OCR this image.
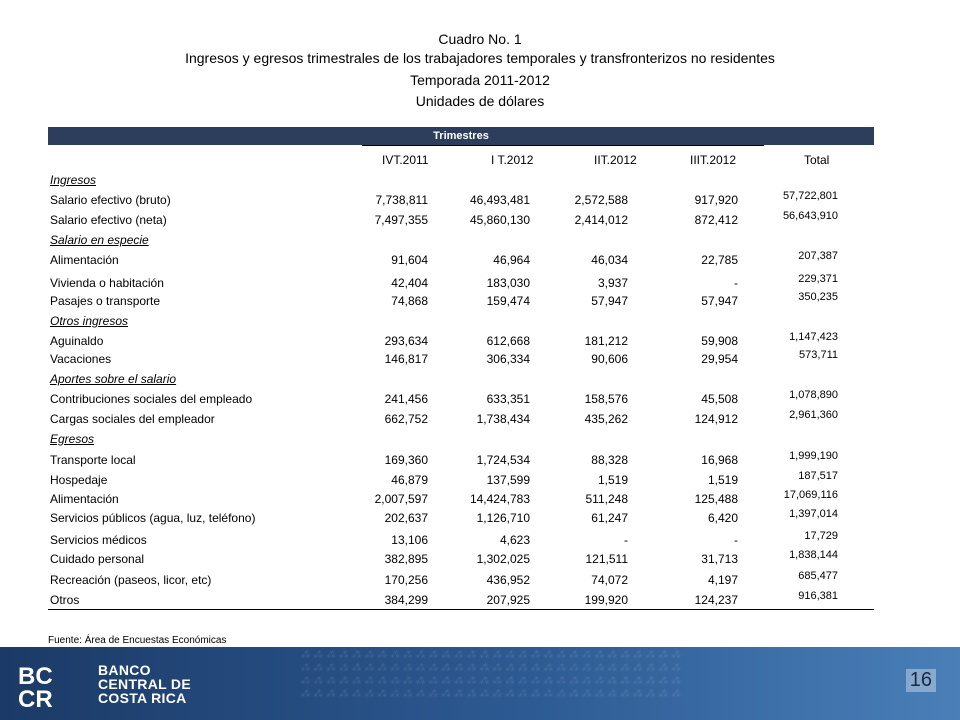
Cuadro No. 1
Ingresos y egresos trimestrales de los trabajadores temporales y transfronterizos no residentes
Temporada 2011-2012
Unidades de dólares
Trimestres
IVT.2011	I T.2012	IIT.2012	IIIT.2012	Total
Ingresos
Salario efectivo (bruto)	7,738,811	46,493,481	2,572,588	917,920	57,722,801
Salario efectivo (neta)	7,497,355	45,860,130	2,414,012	872,412	56,643,910
Salario en especie
Alimentación	91,604	46,964	46,034	22,785	207,387
Vivienda o habitación	42,404	183,030	3,937	-	229,371
Pasajes o transporte	74,868	159,474	57,947	57,947	350,235
Otros ingresos
Aguinaldo	293,634	612,668	181,212	59,908	1,147,423
Vacaciones	146,817	306,334	90,606	29,954	573,711
Aportes sobre el salario
Contribuciones sociales del empleado	241,456	633,351	158,576	45,508	1,078,890
Cargas sociales del empleador	662,752	1,738,434	435,262	124,912	2,961,360
Egresos
Transporte local	169,360	1,724,534	88,328	16,968	1,999,190
Hospedaje	46,879	137,599	1,519	1,519	187,517
Alimentación	2,007,597	14,424,783	511,248	125,488	17,069,116
Servicios públicos (agua, luz, teléfono)	202,637	1,126,710	61,247	6,420	1,397,014
Servicios médicos	13,106	4,623	-	-	17,729
Cuidado personal	382,895	1,302,025	121,511	31,713	1,838,144
Recreación (paseos, licor, etc)	170,256	436,952	74,072	4,197	685,477
Otros	384,299	207,925	199,920	124,237	916,381
Fuente: Área de Encuestas Económicas
⁂ ⁂ ⁂ ⁂ ⁂ ⁂ ⁂ ⁂ ⁂ ⁂ ⁂ ⁂ ⁂ ⁂ ⁂ ⁂ ⁂ ⁂ ⁂ ⁂ ⁂ ⁂ ⁂ ⁂ ⁂ ⁂ ⁂ ⁂ ⁂ ⁂
⁂ ⁂ ⁂ ⁂ ⁂ ⁂ ⁂ ⁂ ⁂ ⁂ ⁂ ⁂ ⁂ ⁂ ⁂ ⁂ ⁂ ⁂ ⁂ ⁂ ⁂ ⁂ ⁂ ⁂ ⁂ ⁂ ⁂ ⁂ ⁂ ⁂
⁂ ⁂ ⁂ ⁂ ⁂ ⁂ ⁂ ⁂ ⁂ ⁂ ⁂ ⁂ ⁂ ⁂ ⁂ ⁂ ⁂ ⁂ ⁂ ⁂ ⁂ ⁂ ⁂ ⁂ ⁂ ⁂ ⁂ ⁂ ⁂ ⁂
⁂ ⁂ ⁂ ⁂ ⁂ ⁂ ⁂ ⁂ ⁂ ⁂ ⁂ ⁂ ⁂ ⁂ ⁂ ⁂ ⁂ ⁂ ⁂ ⁂ ⁂ ⁂ ⁂ ⁂ ⁂ ⁂ ⁂ ⁂ ⁂ ⁂
BC
CR
BANCO
CENTRAL DE
COSTA RICA
16
